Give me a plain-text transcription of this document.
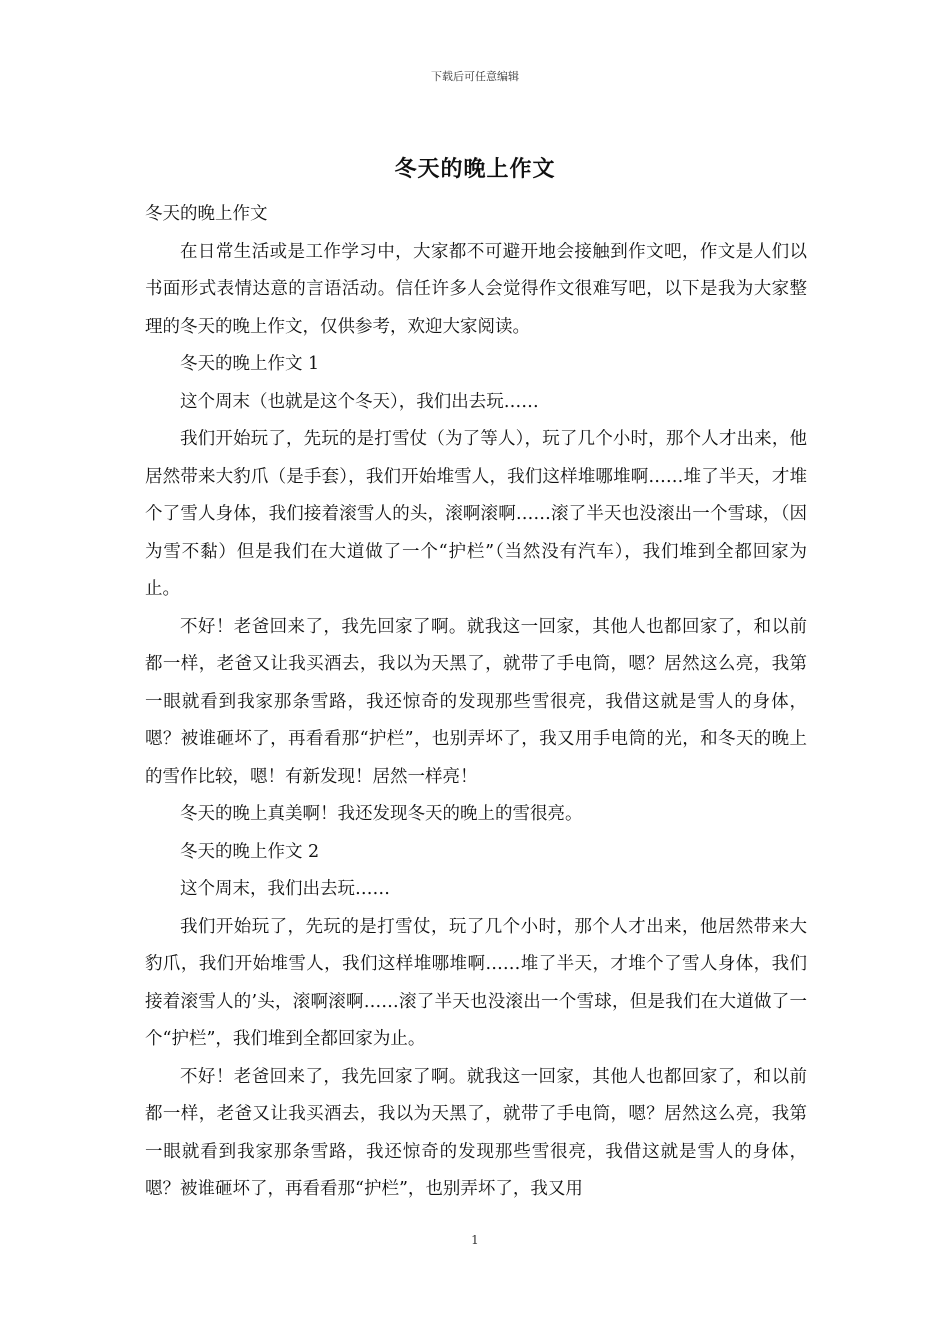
下载后可任意编辑
冬天的晚上作文

冬天的晚上作文

在日常生活或是工作学习中，大家都不可避开地会接触到作文吧，作文是人们以书面形式表情达意的言语活动。信任许多人会觉得作文很难写吧，以下是我为大家整理的冬天的晚上作文，仅供参考，欢迎大家阅读。

冬天的晚上作文 1

这个周末（也就是这个冬天），我们出去玩……

我们开始玩了，先玩的是打雪仗（为了等人），玩了几个小时，那个人才出来，他居然带来大豹爪（是手套），我们开始堆雪人，我们这样堆哪堆啊……堆了半天，才堆个了雪人身体，我们接着滚雪人的头，滚啊滚啊……滚了半天也没滚出一个雪球，（因为雪不黏）但是我们在大道做了一个“护栏”（当然没有汽车），我们堆到全都回家为止。

不好！老爸回来了，我先回家了啊。就我这一回家，其他人也都回家了，和以前都一样，老爸又让我买酒去，我以为天黑了，就带了手电筒，嗯？居然这么亮，我第一眼就看到我家那条雪路，我还惊奇的发现那些雪很亮，我借这就是雪人的身体，嗯？被谁砸坏了，再看看那“护栏”，也别弄坏了，我又用手电筒的光，和冬天的晚上的雪作比较，嗯！有新发现！居然一样亮！

冬天的晚上真美啊！我还发现冬天的晚上的雪很亮。

冬天的晚上作文 2

这个周末，我们出去玩……

我们开始玩了，先玩的是打雪仗，玩了几个小时，那个人才出来，他居然带来大豹爪，我们开始堆雪人，我们这样堆哪堆啊……堆了半天，才堆个了雪人身体，我们接着滚雪人的’头，滚啊滚啊……滚了半天也没滚出一个雪球，但是我们在大道做了一个“护栏”，我们堆到全都回家为止。

不好！老爸回来了，我先回家了啊。就我这一回家，其他人也都回家了，和以前都一样，老爸又让我买酒去，我以为天黑了，就带了手电筒，嗯？居然这么亮，我第一眼就看到我家那条雪路，我还惊奇的发现那些雪很亮，我借这就是雪人的身体，嗯？被谁砸坏了，再看看那“护栏”，也别弄坏了，我又用

1
